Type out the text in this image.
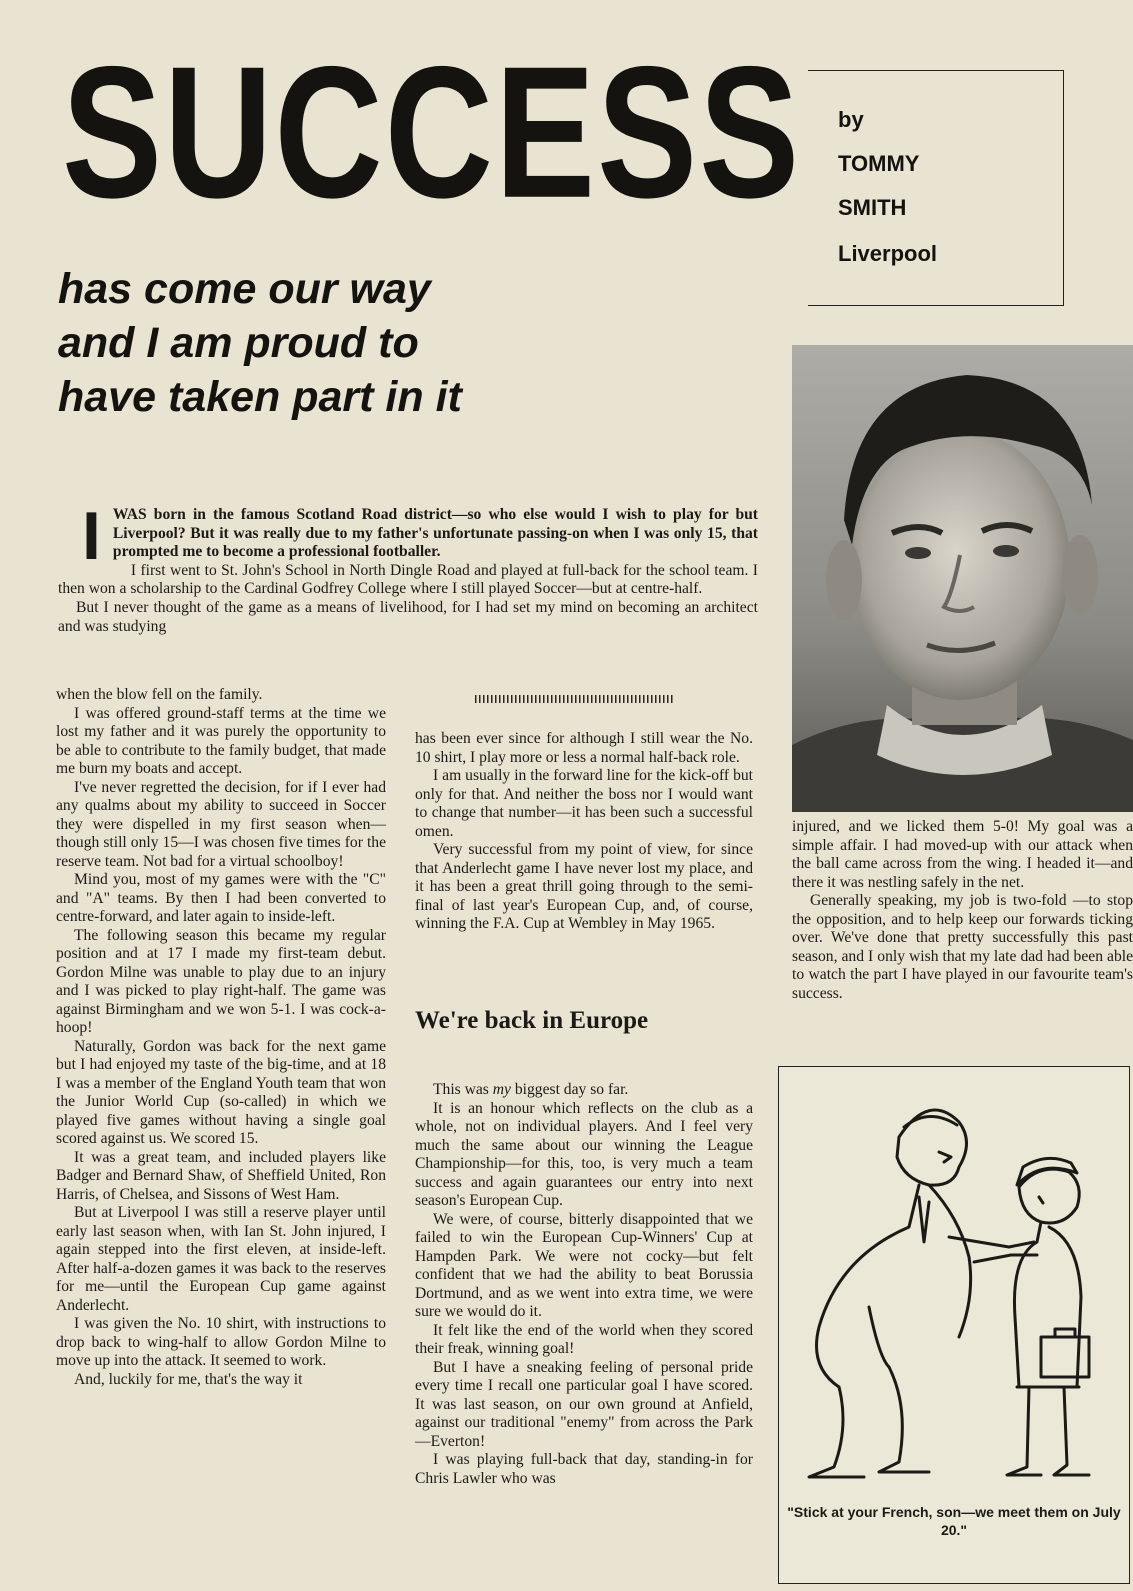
SUCCESS
has come our way and I am proud to have taken part in it
by
TOMMY
SMITH
Liverpool
I WAS born in the famous Scotland Road district—so who else would I wish to play for but Liverpool? But it was really due to my father's unfortunate passing-on when I was only 15, that prompted me to become a professional footballer.

I first went to St. John's School in North Dingle Road and played at full-back for the school team. I then won a scholarship to the Cardinal Godfrey College where I still played Soccer—but at centre-half.

But I never thought of the game as a means of livelihood, for I had set my mind on becoming an architect and was studying

when the blow fell on the family.

I was offered ground-staff terms at the time we lost my father and it was purely the opportunity to be able to contribute to the family budget, that made me burn my boats and accept.

I've never regretted the decision, for if I ever had any qualms about my ability to succeed in Soccer they were dispelled in my first season when—though still only 15—I was chosen five times for the reserve team. Not bad for a virtual schoolboy!

Mind you, most of my games were with the "C" and "A" teams. By then I had been converted to centre-forward, and later again to inside-left.

The following season this became my regular position and at 17 I made my first-team debut. Gordon Milne was unable to play due to an injury and I was picked to play right-half. The game was against Birmingham and we won 5-1. I was cock-a-hoop!

Naturally, Gordon was back for the next game but I had enjoyed my taste of the big-time, and at 18 I was a member of the England Youth team that won the Junior World Cup (so-called) in which we played five games without having a single goal scored against us. We scored 15.

It was a great team, and included players like Badger and Bernard Shaw, of Sheffield United, Ron Harris, of Chelsea, and Sissons of West Ham.

But at Liverpool I was still a reserve player until early last season when, with Ian St. John injured, I again stepped into the first eleven, at inside-left. After half-a-dozen games it was back to the reserves for me—until the European Cup game against Anderlecht.

I was given the No. 10 shirt, with instructions to drop back to wing-half to allow Gordon Milne to move up into the attack. It seemed to work.

And, luckily for me, that's the way it

has been ever since for although I still wear the No. 10 shirt, I play more or less a normal half-back role.

I am usually in the forward line for the kick-off but only for that. And neither the boss nor I would want to change that number—it has been such a successful omen.

Very successful from my point of view, for since that Anderlecht game I have never lost my place, and it has been a great thrill going through to the semi-final of last year's European Cup, and, of course, winning the F.A. Cup at Wembley in May 1965.

We're back in Europe

This was my biggest day so far.

It is an honour which reflects on the club as a whole, not on individual players. And I feel very much the same about our winning the League Championship—for this, too, is very much a team success and again guarantees our entry into next season's European Cup.

We were, of course, bitterly disappointed that we failed to win the European Cup-Winners' Cup at Hampden Park. We were not cocky—but felt confident that we had the ability to beat Borussia Dortmund, and as we went into extra time, we were sure we would do it.

It felt like the end of the world when they scored their freak, winning goal!

But I have a sneaking feeling of personal pride every time I recall one particular goal I have scored. It was last season, on our own ground at Anfield, against our traditional "enemy" from across the Park—Everton!

I was playing full-back that day, standing-in for Chris Lawler who was

injured, and we licked them 5-0! My goal was a simple affair. I had moved-up with our attack when the ball came across from the wing. I headed it—and there it was nestling safely in the net.

Generally speaking, my job is two-fold —to stop the opposition, and to help keep our forwards ticking over. We've done that pretty successfully this past season, and I only wish that my late dad had been able to watch the part I have played in our favourite team's success.

"Stick at your French, son—we meet them on July 20."
